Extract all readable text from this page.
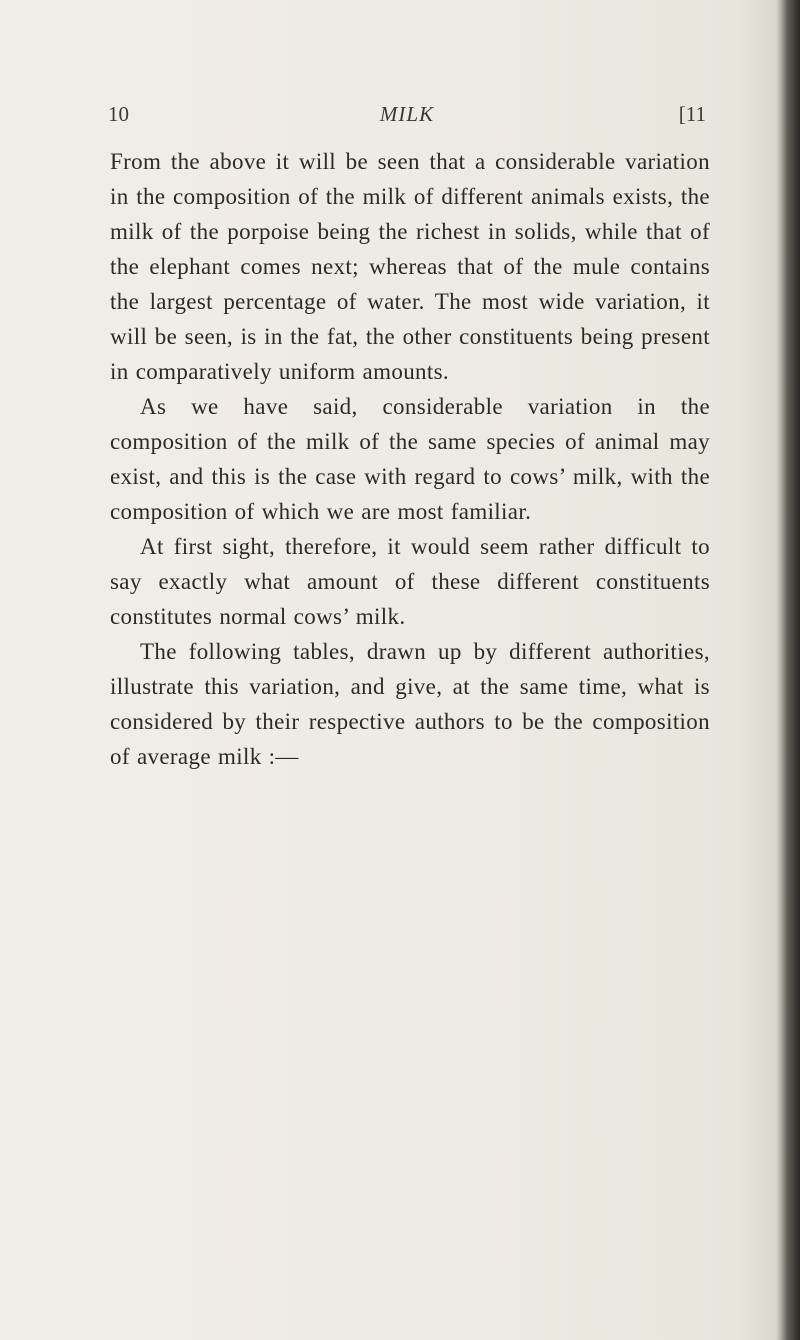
10	MILK	[11

From the above it will be seen that a considerable variation in the composition of the milk of different animals exists, the milk of the porpoise being the richest in solids, while that of the elephant comes next; whereas that of the mule contains the largest percentage of water. The most wide variation, it will be seen, is in the fat, the other constituents being present in comparatively uniform amounts.

As we have said, considerable variation in the composition of the milk of the same species of animal may exist, and this is the case with regard to cows’ milk, with the composition of which we are most familiar.

At first sight, therefore, it would seem rather difficult to say exactly what amount of these different constituents constitutes normal cows’ milk.

The following tables, drawn up by different authorities, illustrate this variation, and give, at the same time, what is considered by their respective authors to be the composition of average milk :—
